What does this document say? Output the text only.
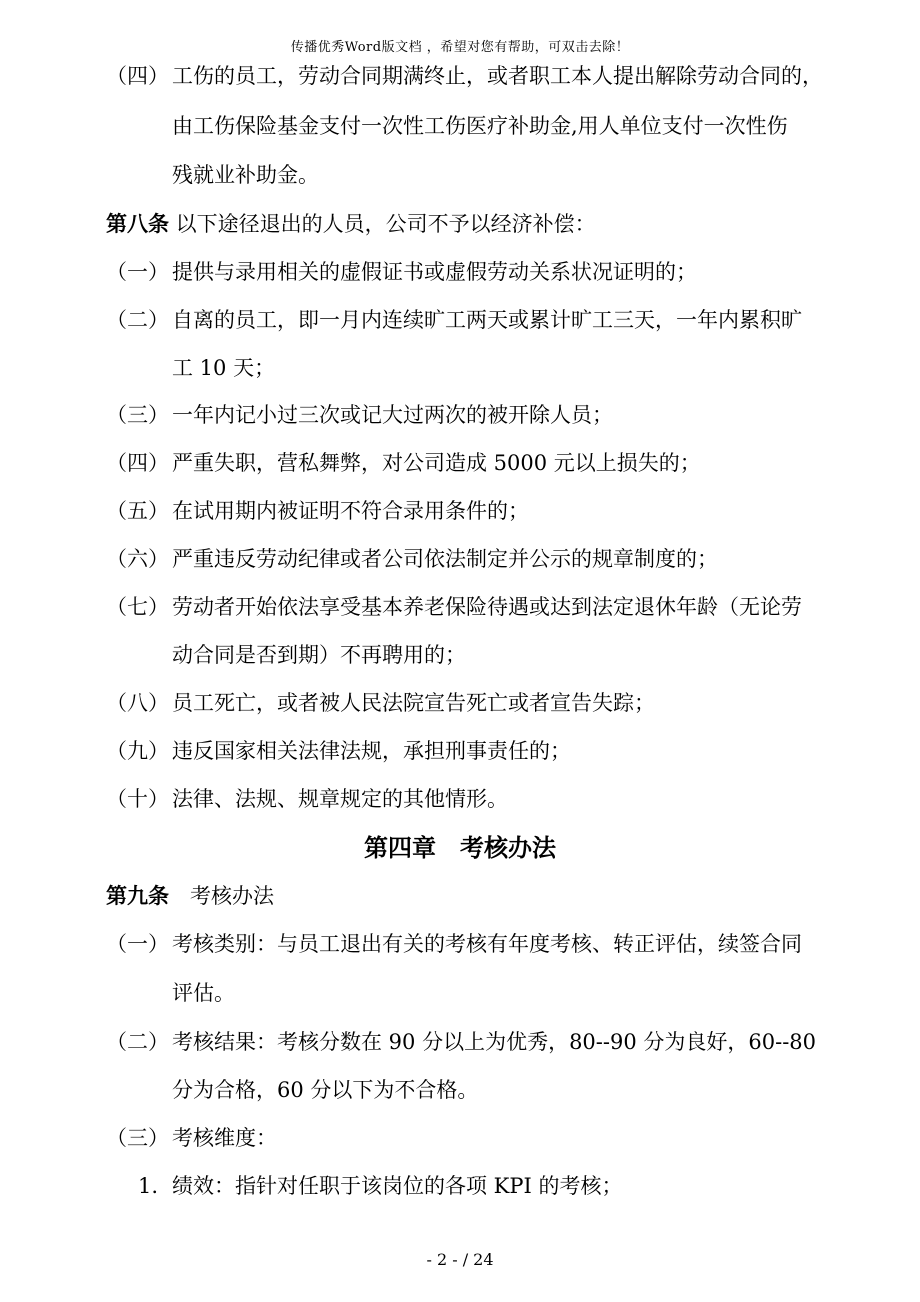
传播优秀Word版文档 ，希望对您有帮助，可双击去除！
（四） 工伤的员工，劳动合同期满终止，或者职工本人提出解除劳动合同的，
由工伤保险基金支付一次性工伤医疗补助金,用人单位支付一次性伤
残就业补助金。
第八条 以下途径退出的人员，公司不予以经济补偿：
（一） 提供与录用相关的虚假证书或虚假劳动关系状况证明的；
（二） 自离的员工，即一月内连续旷工两天或累计旷工三天，一年内累积旷
工 10 天；
（三） 一年内记小过三次或记大过两次的被开除人员；
（四） 严重失职，营私舞弊，对公司造成 5000 元以上损失的；
（五） 在试用期内被证明不符合录用条件的；
（六） 严重违反劳动纪律或者公司依法制定并公示的规章制度的；
（七） 劳动者开始依法享受基本养老保险待遇或达到法定退休年龄（无论劳
动合同是否到期）不再聘用的；
（八） 员工死亡，或者被人民法院宣告死亡或者宣告失踪；
（九） 违反国家相关法律法规，承担刑事责任的；
（十） 法律、法规、规章规定的其他情形。
第四章　考核办法
第九条　考核办法
（一） 考核类别：与员工退出有关的考核有年度考核、转正评估，续签合同
评估。
（二） 考核结果：考核分数在 90 分以上为优秀，80--90 分为良好，60--80
分为合格，60 分以下为不合格。
（三） 考核维度：
1. 绩效：指针对任职于该岗位的各项 KPI 的考核；
- 2 - / 24
